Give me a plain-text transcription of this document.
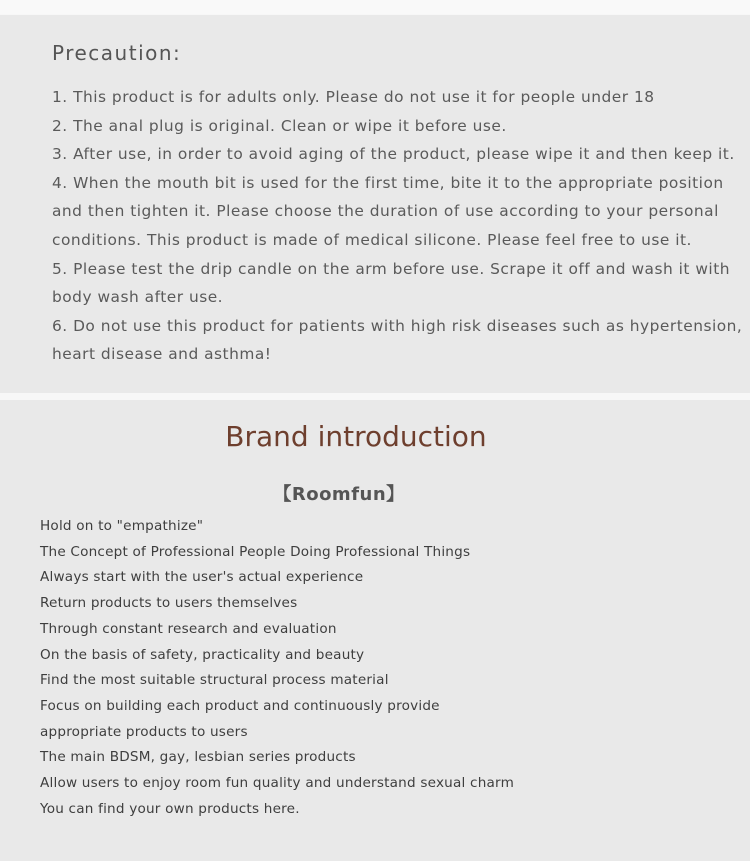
Precaution:
1. This product is for adults only. Please do not use it for people under 18
2. The anal plug is original. Clean or wipe it before use.
3. After use, in order to avoid aging of the product, please wipe it and then keep it.
4. When the mouth bit is used for the first time, bite it to the appropriate position
and then tighten it. Please choose the duration of use according to your personal
conditions. This product is made of medical silicone. Please feel free to use it.
5. Please test the drip candle on the arm before use. Scrape it off and wash it with
body wash after use.
6. Do not use this product for patients with high risk diseases such as hypertension,
heart disease and asthma!
Brand introduction
【Roomfun】
Hold on to "empathize"
The Concept of Professional People Doing Professional Things
Always start with the user's actual experience
Return products to users themselves
Through constant research and evaluation
On the basis of safety, practicality and beauty
Find the most suitable structural process material
Focus on building each product and continuously provide
appropriate products to users
The main BDSM, gay, lesbian series products
Allow users to enjoy room fun quality and understand sexual charm
You can find your own products here.
